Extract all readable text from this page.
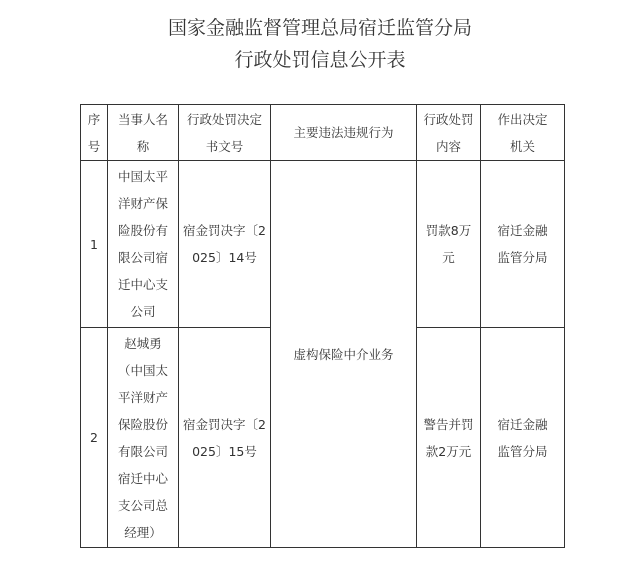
国家金融监督管理总局宿迁监管分局
行政处罚信息公开表
序号	当事人名称	行政处罚决定书文号	主要违法违规行为	行政处罚内容	作出决定机关

1	中国太平洋财产保险股份有限公司宿迁中心支公司	宿金罚决字〔2025〕14号	虚构保险中介业务	罚款8万元	宿迁金融监管分局

2	赵城勇（中国太平洋财产保险股份有限公司宿迁中心支公司总经理）	宿金罚决字〔2025〕15号		警告并罚款2万元	宿迁金融监管分局
